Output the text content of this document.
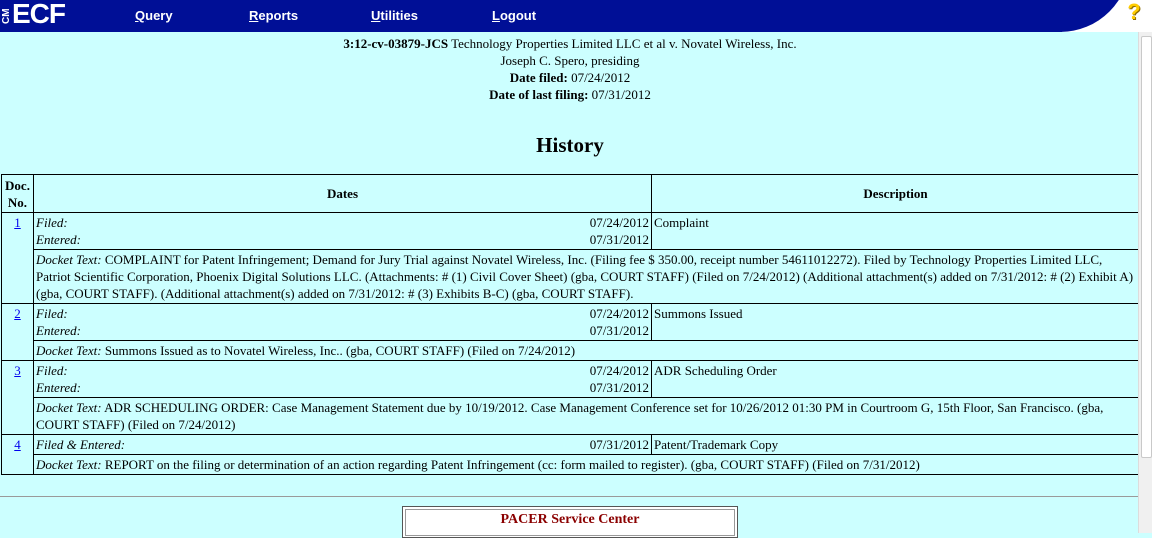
CM ECF	Query	Reports	Utilities	Logout	?
3:12-cv-03879-JCS Technology Properties Limited LLC et al v. Novatel Wireless, Inc.
Joseph C. Spero, presiding
Date filed: 07/24/2012
Date of last filing: 07/31/2012
History
Doc. No.	Dates	Description
1	Filed: 07/24/2012
Entered: 07/31/2012	Complaint
	Docket Text: COMPLAINT for Patent Infringement; Demand for Jury Trial against Novatel Wireless, Inc. (Filing fee $ 350.00, receipt number 54611012272). Filed by Technology Properties Limited LLC, Patriot Scientific Corporation, Phoenix Digital Solutions LLC. (Attachments: # (1) Civil Cover Sheet) (gba, COURT STAFF) (Filed on 7/24/2012) (Additional attachment(s) added on 7/31/2012: # (2) Exhibit A) (gba, COURT STAFF). (Additional attachment(s) added on 7/31/2012: # (3) Exhibits B-C) (gba, COURT STAFF).	
2	Filed: 07/24/2012
Entered: 07/31/2012	Summons Issued
	Docket Text: Summons Issued as to Novatel Wireless, Inc.. (gba, COURT STAFF) (Filed on 7/24/2012)	
3	Filed: 07/24/2012
Entered: 07/31/2012	ADR Scheduling Order
	Docket Text: ADR SCHEDULING ORDER: Case Management Statement due by 10/19/2012. Case Management Conference set for 10/26/2012 01:30 PM in Courtroom G, 15th Floor, San Francisco. (gba, COURT STAFF) (Filed on 7/24/2012)	
4	Filed & Entered: 07/31/2012	Patent/Trademark Copy
	Docket Text: REPORT on the filing or determination of an action regarding Patent Infringement (cc: form mailed to register). (gba, COURT STAFF) (Filed on 7/31/2012)	
PACER Service Center
